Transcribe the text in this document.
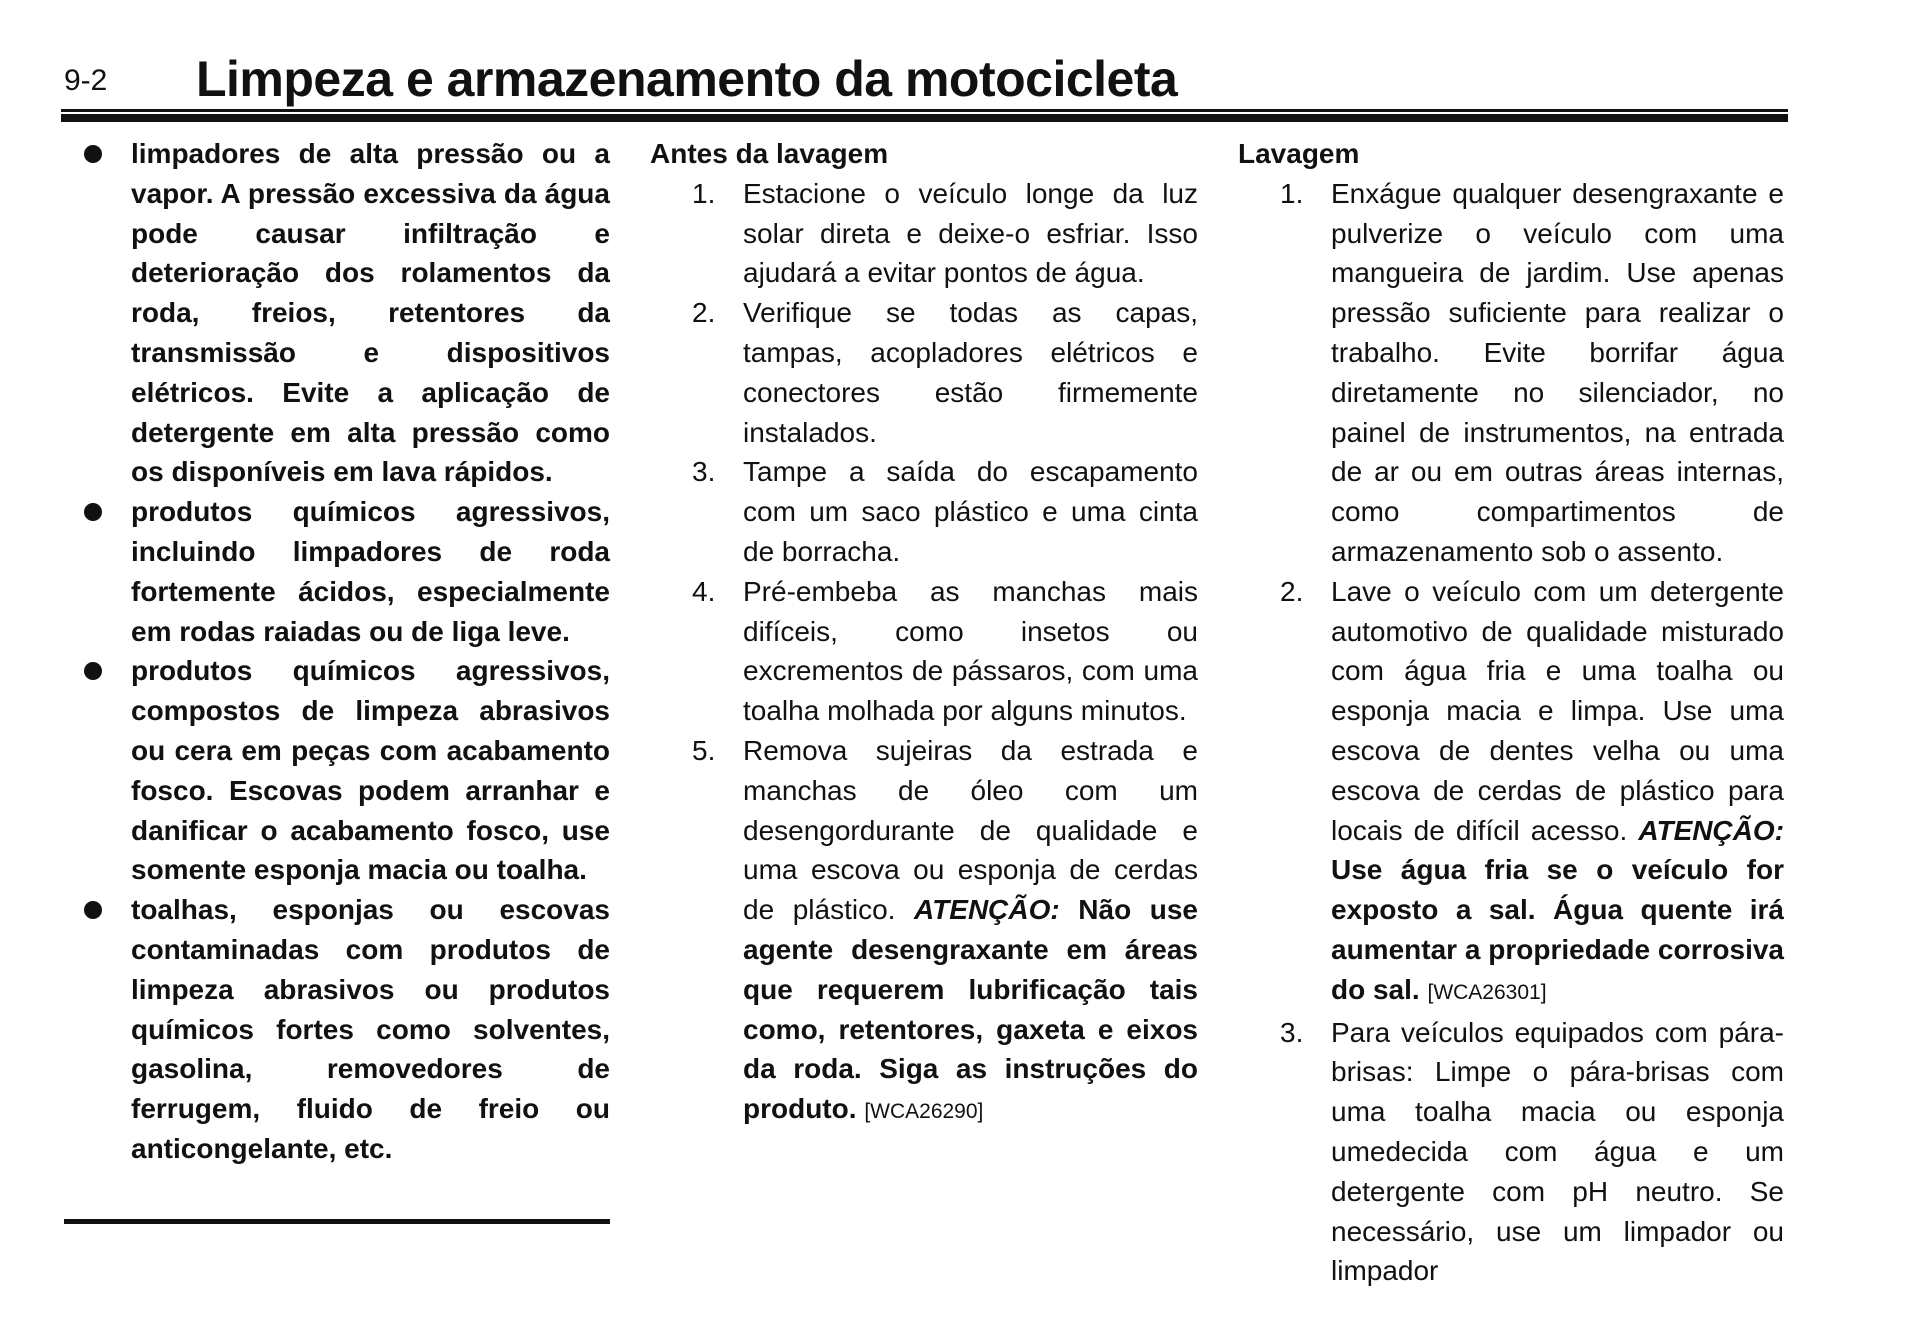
9-2 Limpeza e armazenamento da motocicleta
limpadores de alta pressão ou a vapor. A pressão excessiva da água pode causar infiltração e deterioração dos rolamentos da roda, freios, retentores da transmissão e dispositivos elétricos. Evite a aplicação de detergente em alta pressão como os disponíveis em lava rápidos.
produtos químicos agressivos, incluindo limpadores de roda fortemente ácidos, especialmente em rodas raiadas ou de liga leve.
produtos químicos agressivos, compostos de limpeza abrasivos ou cera em peças com acabamento fosco. Escovas podem arranhar e danificar o acabamento fosco, use somente esponja macia ou toalha.
toalhas, esponjas ou escovas contaminadas com produtos de limpeza abrasivos ou produtos químicos fortes como solventes, gasolina, removedores de ferrugem, fluido de freio ou anticongelante, etc.
Antes da lavagem
1. Estacione o veículo longe da luz solar direta e deixe-o esfriar. Isso ajudará a evitar pontos de água.
2. Verifique se todas as capas, tampas, acopladores elétricos e conectores estão firmemente instalados.
3. Tampe a saída do escapamento com um saco plástico e uma cinta de borracha.
4. Pré-embeba as manchas mais difíceis, como insetos ou excrementos de pássaros, com uma toalha molhada por alguns minutos.
5. Remova sujeiras da estrada e manchas de óleo com um desengordurante de qualidade e uma escova ou esponja de cerdas de plástico. ATENÇÃO: Não use agente desengraxante em áreas que requerem lubrificação tais como, retentores, gaxeta e eixos da roda. Siga as instruções do produto. [WCA26290]
Lavagem
1. Enxágue qualquer desengraxante e pulverize o veículo com uma mangueira de jardim. Use apenas pressão suficiente para realizar o trabalho. Evite borrifar água diretamente no silenciador, no painel de instrumentos, na entrada de ar ou em outras áreas internas, como compartimentos de armazenamento sob o assento.
2. Lave o veículo com um detergente automotivo de qualidade misturado com água fria e uma toalha ou esponja macia e limpa. Use uma escova de dentes velha ou uma escova de cerdas de plástico para locais de difícil acesso. ATENÇÃO: Use água fria se o veículo for exposto a sal. Água quente irá aumentar a propriedade corrosiva do sal. [WCA26301]
3. Para veículos equipados com pára-brisas: Limpe o pára-brisas com uma toalha macia ou esponja umedecida com água e um detergente com pH neutro. Se necessário, use um limpador ou limpador
